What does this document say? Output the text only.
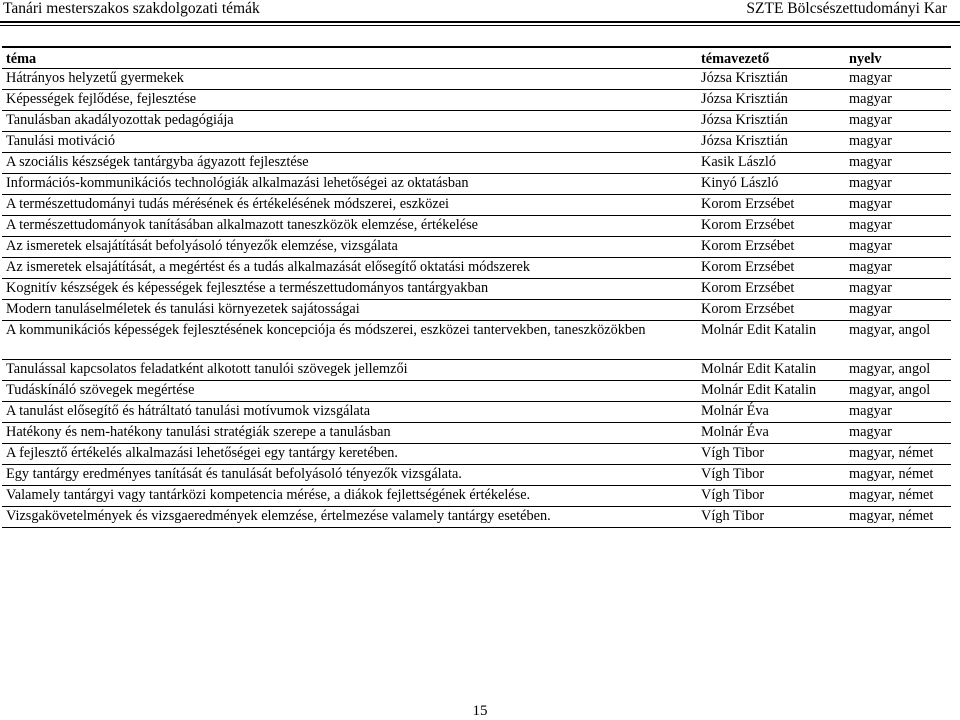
Tanári mesterszakos szakdolgozati témák	SZTE Bölcsészettudományi Kar
téma	témavezető	nyelv
Hátrányos helyzetű gyermekek	Józsa Krisztián	magyar
Képességek fejlődése, fejlesztése	Józsa Krisztián	magyar
Tanulásban akadályozottak pedagógiája	Józsa Krisztián	magyar
Tanulási motiváció	Józsa Krisztián	magyar
A szociális készségek tantárgyba ágyazott fejlesztése	Kasik László	magyar
Információs-kommunikációs technológiák alkalmazási lehetőségei az oktatásban	Kinyó László	magyar
A természettudományi tudás mérésének és értékelésének módszerei, eszközei	Korom Erzsébet	magyar
A természettudományok tanításában alkalmazott taneszközök elemzése, értékelése	Korom Erzsébet	magyar
Az ismeretek elsajátítását befolyásoló tényezők elemzése, vizsgálata	Korom Erzsébet	magyar
Az ismeretek elsajátítását, a megértést és a tudás alkalmazását elősegítő oktatási módszerek	Korom Erzsébet	magyar
Kognitív készségek és képességek fejlesztése a természettudományos tantárgyakban	Korom Erzsébet	magyar
Modern tanuláselméletek és tanulási környezetek sajátosságai	Korom Erzsébet	magyar
A kommunikációs képességek fejlesztésének koncepciója és módszerei, eszközei tantervekben, taneszközökben	Molnár Edit Katalin	magyar, angol
Tanulással kapcsolatos feladatként alkotott tanulói szövegek jellemzői	Molnár Edit Katalin	magyar, angol
Tudáskínáló szövegek megértése	Molnár Edit Katalin	magyar, angol
A tanulást elősegítő és hátráltató tanulási motívumok vizsgálata	Molnár Éva	magyar
Hatékony és nem-hatékony tanulási stratégiák szerepe a tanulásban	Molnár Éva	magyar
A fejlesztő értékelés alkalmazási lehetőségei egy tantárgy keretében.	Vígh Tibor	magyar, német
Egy tantárgy eredményes tanítását és tanulását befolyásoló tényezők vizsgálata.	Vígh Tibor	magyar, német
Valamely tantárgyi vagy tantárközi kompetencia mérése, a diákok fejlettségének értékelése.	Vígh Tibor	magyar, német
Vizsgakövetelmények és vizsgaeredmények elemzése, értelmezése valamely tantárgy esetében.	Vígh Tibor	magyar, német
15
